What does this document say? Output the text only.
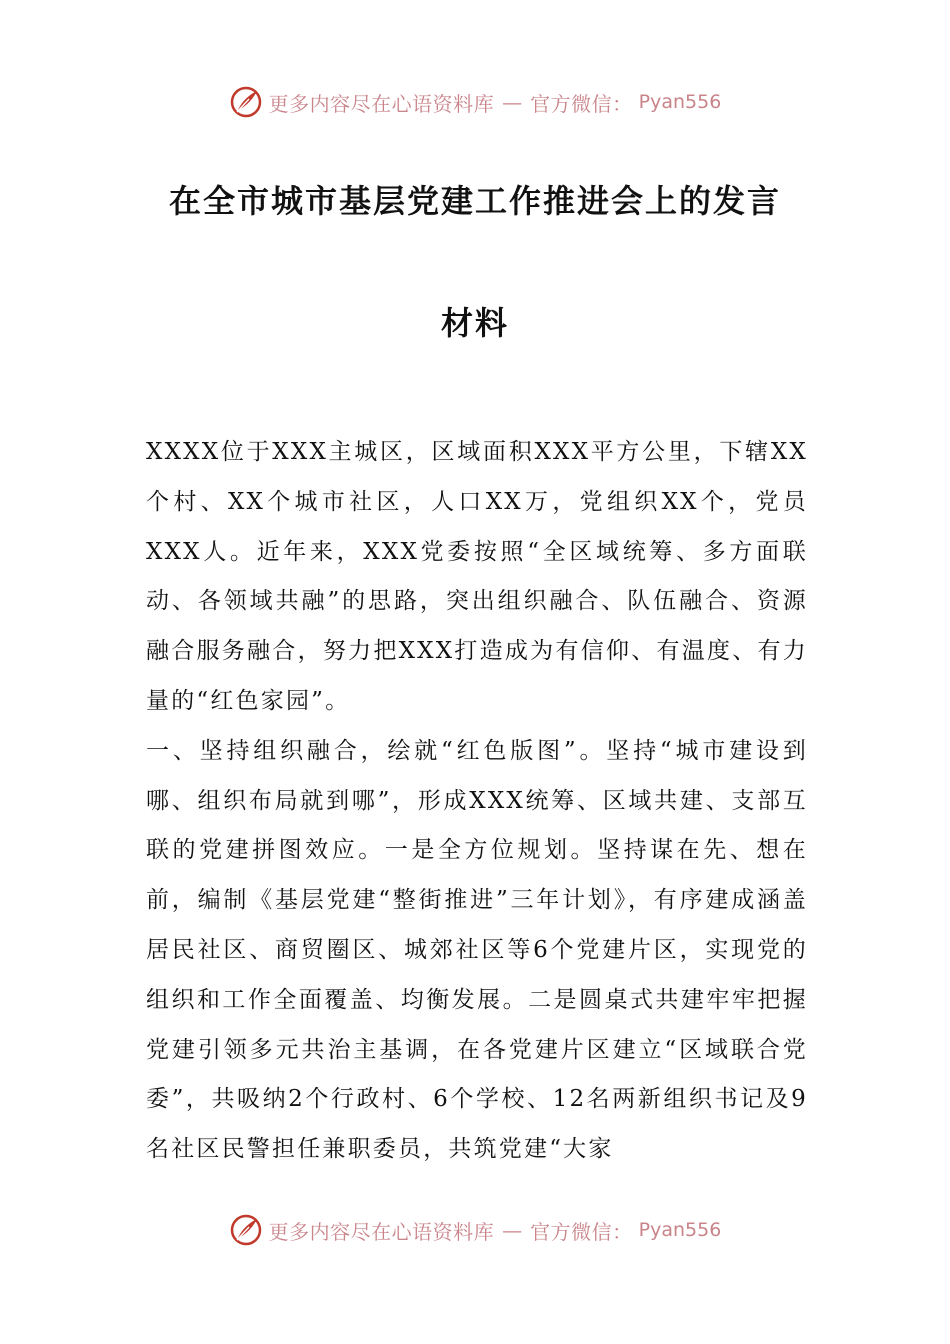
更多内容尽在心语资料库 — 官方微信： Pyan556
在全市城市基层党建工作推进会上的发言
材料

XXXX位于XXX主城区，区域面积XXX平方公里，下辖XX个村、XX个城市社区，人口XX万，党组织XX个，党员XXX人。近年来，XXX党委按照“全区域统筹、多方面联动、各领域共融”的思路，突出组织融合、队伍融合、资源融合服务融合，努力把XXX打造成为有信仰、有温度、有力量的“红色家园”。

一、坚持组织融合，绘就“红色版图”。坚持“城市建设到哪、组织布局就到哪”，形成XXX统筹、区域共建、支部互联的党建拼图效应。一是全方位规划。坚持谋在先、想在前，编制《基层党建“整街推进”三年计划》，有序建成涵盖居民社区、商贸圈区、城郊社区等6个党建片区，实现党的组织和工作全面覆盖、均衡发展。二是圆桌式共建牢牢把握党建引领多元共治主基调，在各党建片区建立“区域联合党委”，共吸纳2个行政村、6个学校、12名两新组织书记及9名社区民警担任兼职委员，共筑党建“大家

更多内容尽在心语资料库 — 官方微信： Pyan556
